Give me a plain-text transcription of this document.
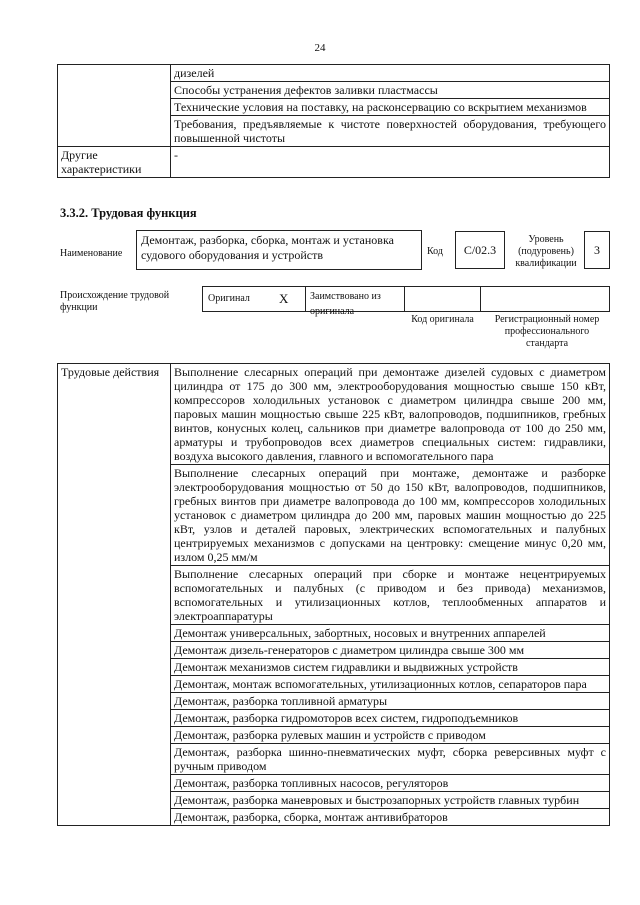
24
	дизелей
	Способы устранения дефектов заливки пластмассы
	Технические условия на поставку, на расконсервацию со вскрытием механизмов
	Требования, предъявляемые к чистоте поверхностей оборудования, требующего повышенной чистоты
Другие характеристики	-
3.3.2. Трудовая функция
Наименование
Демонтаж, разборка, сборка, монтаж и установка судового оборудования и устройств	Код	C/02.3
Уровень (подуровень) квалификации
3
Происхождение трудовой функции
Оригинал X	Заимствовано из оригинала
Код оригинала	Регистрационный номер профессионального стандарта
Трудовые действия	Выполнение слесарных операций при демонтаже дизелей судовых с диаметром цилиндра от 175 до 300 мм, электрооборудования мощностью свыше 150 кВт, компрессоров холодильных установок с диаметром цилиндра свыше 200 мм, паровых машин мощностью свыше 225 кВт, валопроводов, подшипников, гребных винтов, конусных колец, сальников при диаметре валопровода от 100 до 250 мм, арматуры и трубопроводов всех диаметров специальных систем: гидравлики, воздуха высокого давления, главного и вспомогательного пара
Выполнение слесарных операций при монтаже, демонтаже и разборке электрооборудования мощностью от 50 до 150 кВт, валопроводов, подшипников, гребных винтов при диаметре валопровода до 100 мм, компрессоров холодильных установок с диаметром цилиндра до 200 мм, паровых машин мощностью до 225 кВт, узлов и деталей паровых, электрических вспомогательных и палубных центрируемых механизмов с допусками на центровку: смещение минус 0,20 мм, излом 0,25 мм/м
Выполнение слесарных операций при сборке и монтаже нецентрируемых вспомогательных и палубных (с приводом и без привода) механизмов, вспомогательных и утилизационных котлов, теплообменных аппаратов и электроаппаратуры
Демонтаж универсальных, забортных, носовых и внутренних аппарелей
Демонтаж дизель-генераторов с диаметром цилиндра свыше 300 мм
Демонтаж механизмов систем гидравлики и выдвижных устройств
Демонтаж, монтаж вспомогательных, утилизационных котлов, сепараторов пара
Демонтаж, разборка топливной арматуры
Демонтаж, разборка гидромоторов всех систем, гидроподъемников
Демонтаж, разборка рулевых машин и устройств с приводом
Демонтаж, разборка шинно-пневматических муфт, сборка реверсивных муфт с ручным приводом
Демонтаж, разборка топливных насосов, регуляторов
Демонтаж, разборка маневровых и быстрозапорных устройств главных турбин
Демонтаж, разборка, сборка, монтаж антивибраторов
